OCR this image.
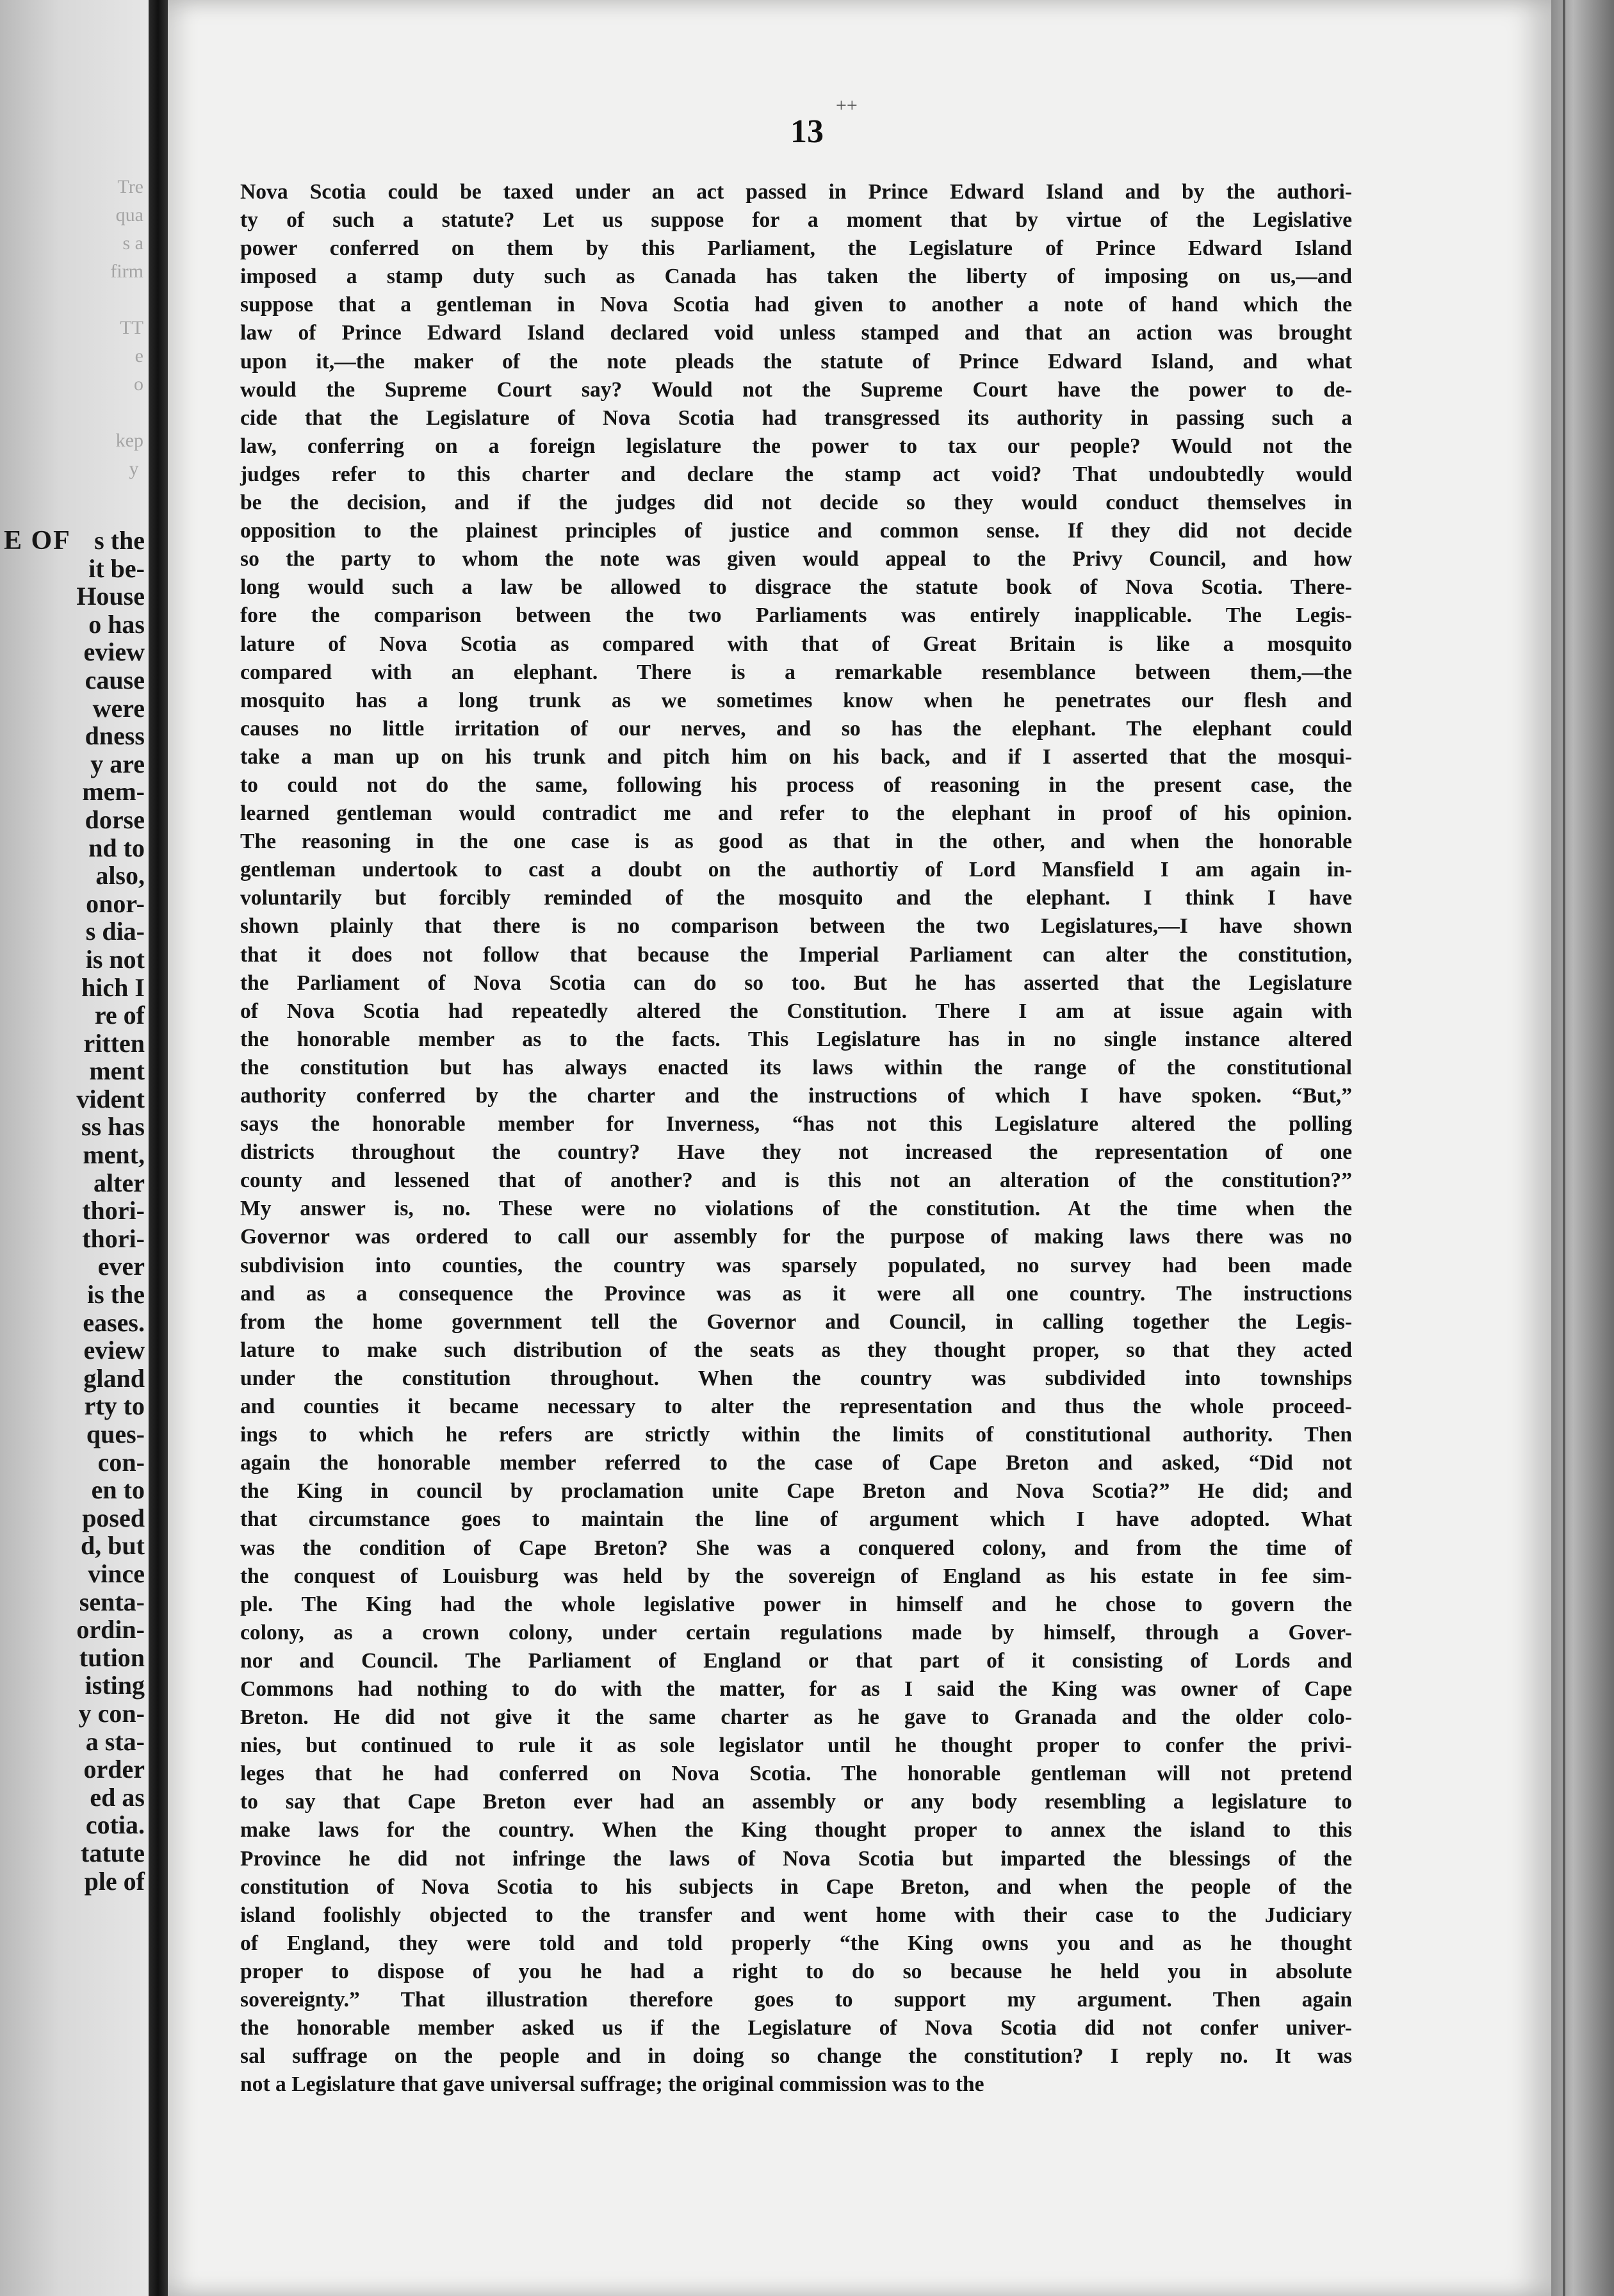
Tre
qua
s a
firm

TT
e
o

kep
y
E OF s the
it be-
House
o has
eview
cause
were
dness
y are
mem-
dorse
nd to
also,
onor-
s dia-
is not
hich I
re of
ritten
ment
vident
ss has
ment,
alter
thori-
thori-
ever
is the
eases.
eview
gland
rty to
ques-
con-
en to
posed
d, but
vince
senta-
ordin-
tution
isting
y con-
a sta-
order
ed as
cotia.
tatute
ple of
13
++
Nova Scotia could be taxed under an act passed in Prince Edward Island and by the authori-
ty of such a statute? Let us suppose for a moment that by virtue of the Legislative
power conferred on them by this Parliament, the Legislature of Prince Edward Island
imposed a stamp duty such as Canada has taken the liberty of imposing on us,—and
suppose that a gentleman in Nova Scotia had given to another a note of hand which the
law of Prince Edward Island declared void unless stamped and that an action was brought
upon it,—the maker of the note pleads the statute of Prince Edward Island, and what
would the Supreme Court say? Would not the Supreme Court have the power to de-
cide that the Legislature of Nova Scotia had transgressed its authority in passing such a
law, conferring on a foreign legislature the power to tax our people? Would not the
judges refer to this charter and declare the stamp act void? That undoubtedly would
be the decision, and if the judges did not decide so they would conduct themselves in
opposition to the plainest principles of justice and common sense. If they did not decide
so the party to whom the note was given would appeal to the Privy Council, and how
long would such a law be allowed to disgrace the statute book of Nova Scotia. There-
fore the comparison between the two Parliaments was entirely inapplicable. The Legis-
lature of Nova Scotia as compared with that of Great Britain is like a mosquito
compared with an elephant. There is a remarkable resemblance between them,—the
mosquito has a long trunk as we sometimes know when he penetrates our flesh and
causes no little irritation of our nerves, and so has the elephant. The elephant could
take a man up on his trunk and pitch him on his back, and if I asserted that the mosqui-
to could not do the same, following his process of reasoning in the present case, the
learned gentleman would contradict me and refer to the elephant in proof of his opinion.
The reasoning in the one case is as good as that in the other, and when the honorable
gentleman undertook to cast a doubt on the authortiy of Lord Mansfield I am again in-
voluntarily but forcibly reminded of the mosquito and the elephant. I think I have
shown plainly that there is no comparison between the two Legislatures,—I have shown
that it does not follow that because the Imperial Parliament can alter the constitution,
the Parliament of Nova Scotia can do so too. But he has asserted that the Legislature
of Nova Scotia had repeatedly altered the Constitution. There I am at issue again with
the honorable member as to the facts. This Legislature has in no single instance altered
the constitution but has always enacted its laws within the range of the constitutional
authority conferred by the charter and the instructions of which I have spoken. “But,”
says the honorable member for Inverness, “has not this Legislature altered the polling
districts throughout the country? Have they not increased the representation of one
county and lessened that of another? and is this not an alteration of the constitution?”
My answer is, no. These were no violations of the constitution. At the time when the
Governor was ordered to call our assembly for the purpose of making laws there was no
subdivision into counties, the country was sparsely populated, no survey had been made
and as a consequence the Province was as it were all one country. The instructions
from the home government tell the Governor and Council, in calling together the Legis-
lature to make such distribution of the seats as they thought proper, so that they acted
under the constitution throughout. When the country was subdivided into townships
and counties it became necessary to alter the representation and thus the whole proceed-
ings to which he refers are strictly within the limits of constitutional authority. Then
again the honorable member referred to the case of Cape Breton and asked, “Did not
the King in council by proclamation unite Cape Breton and Nova Scotia?” He did; and
that circumstance goes to maintain the line of argument which I have adopted. What
was the condition of Cape Breton? She was a conquered colony, and from the time of
the conquest of Louisburg was held by the sovereign of England as his estate in fee sim-
ple. The King had the whole legislative power in himself and he chose to govern the
colony, as a crown colony, under certain regulations made by himself, through a Gover-
nor and Council. The Parliament of England or that part of it consisting of Lords and
Commons had nothing to do with the matter, for as I said the King was owner of Cape
Breton. He did not give it the same charter as he gave to Granada and the older colo-
nies, but continued to rule it as sole legislator until he thought proper to confer the privi-
leges that he had conferred on Nova Scotia. The honorable gentleman will not pretend
to say that Cape Breton ever had an assembly or any body resembling a legislature to
make laws for the country. When the King thought proper to annex the island to this
Province he did not infringe the laws of Nova Scotia but imparted the blessings of the
constitution of Nova Scotia to his subjects in Cape Breton, and when the people of the
island foolishly objected to the transfer and went home with their case to the Judiciary
of England, they were told and told properly “the King owns you and as he thought
proper to dispose of you he had a right to do so because he held you in absolute
sovereignty.” That illustration therefore goes to support my argument. Then again
the honorable member asked us if the Legislature of Nova Scotia did not confer univer-
sal suffrage on the people and in doing so change the constitution? I reply no. It was
not a Legislature that gave universal suffrage; the original commission was to the
